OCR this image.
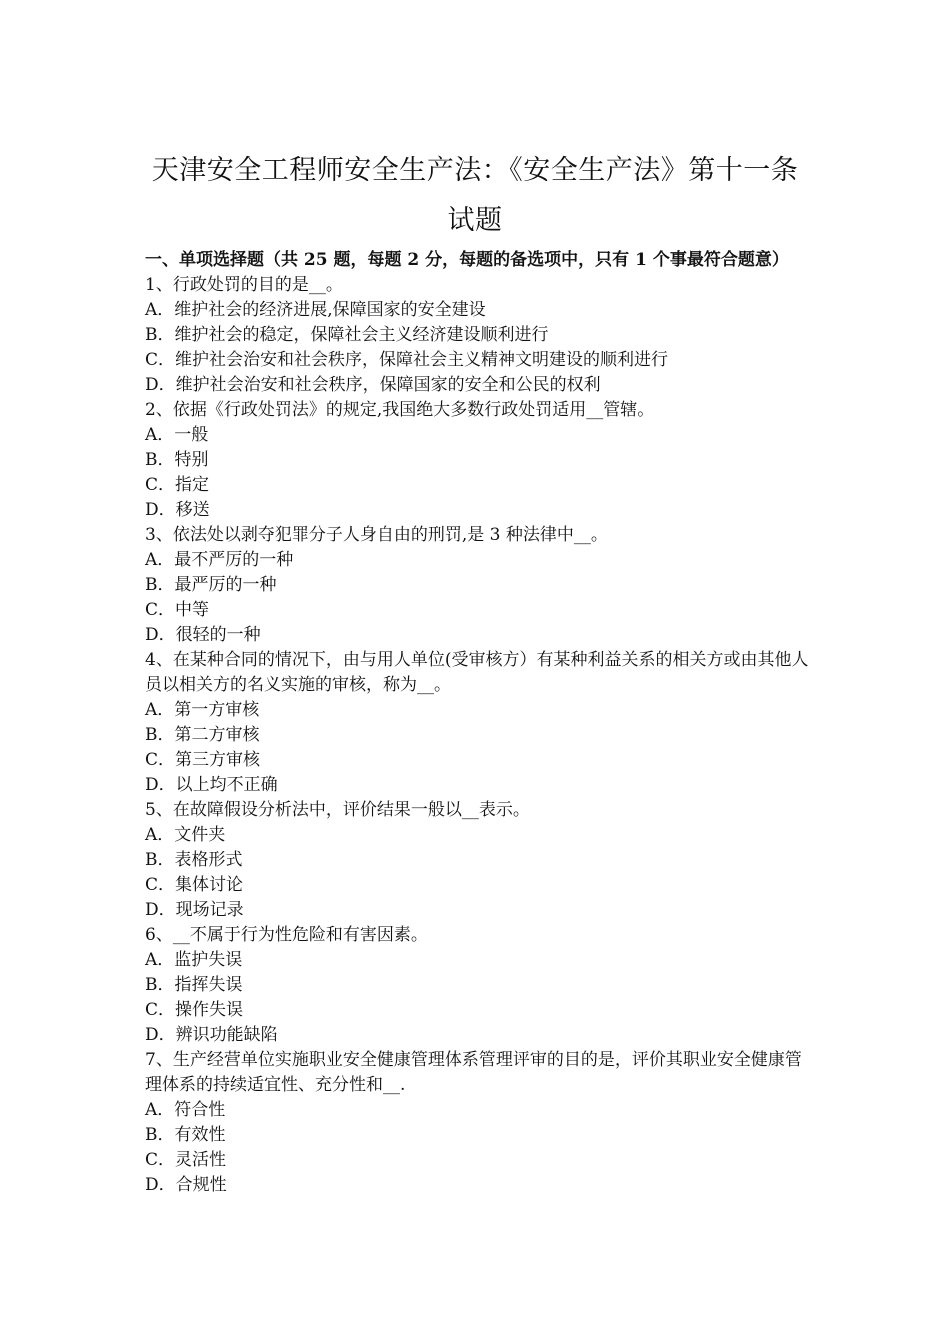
天津安全工程师安全生产法：《安全生产法》第十一条试题

一、单项选择题（共 25 题，每题 2 分，每题的备选项中，只有 1 个事最符合题意）

1、行政处罚的目的是__。

A．维护社会的经济进展,保障国家的安全建设

B．维护社会的稳定，保障社会主义经济建设顺利进行

C．维护社会治安和社会秩序，保障社会主义精神文明建设的顺利进行

D．维护社会治安和社会秩序，保障国家的安全和公民的权利

2、依据《行政处罚法》的规定,我国绝大多数行政处罚适用__管辖。

A．一般

B．特别

C．指定

D．移送

3、依法处以剥夺犯罪分子人身自由的刑罚,是 3 种法律中__。

A．最不严厉的一种

B．最严厉的一种

C．中等

D．很轻的一种

4、在某种合同的情况下，由与用人单位(受审核方）有某种利益关系的相关方或由其他人员以相关方的名义实施的审核，称为__。

A．第一方审核

B．第二方审核

C．第三方审核

D．以上均不正确

5、在故障假设分析法中，评价结果一般以__表示。

A．文件夹

B．表格形式

C．集体讨论

D．现场记录

6、__不属于行为性危险和有害因素。

A．监护失误

B．指挥失误

C．操作失误

D．辨识功能缺陷

7、生产经营单位实施职业安全健康管理体系管理评审的目的是，评价其职业安全健康管理体系的持续适宜性、充分性和__.

A．符合性

B．有效性

C．灵活性

D．合规性
